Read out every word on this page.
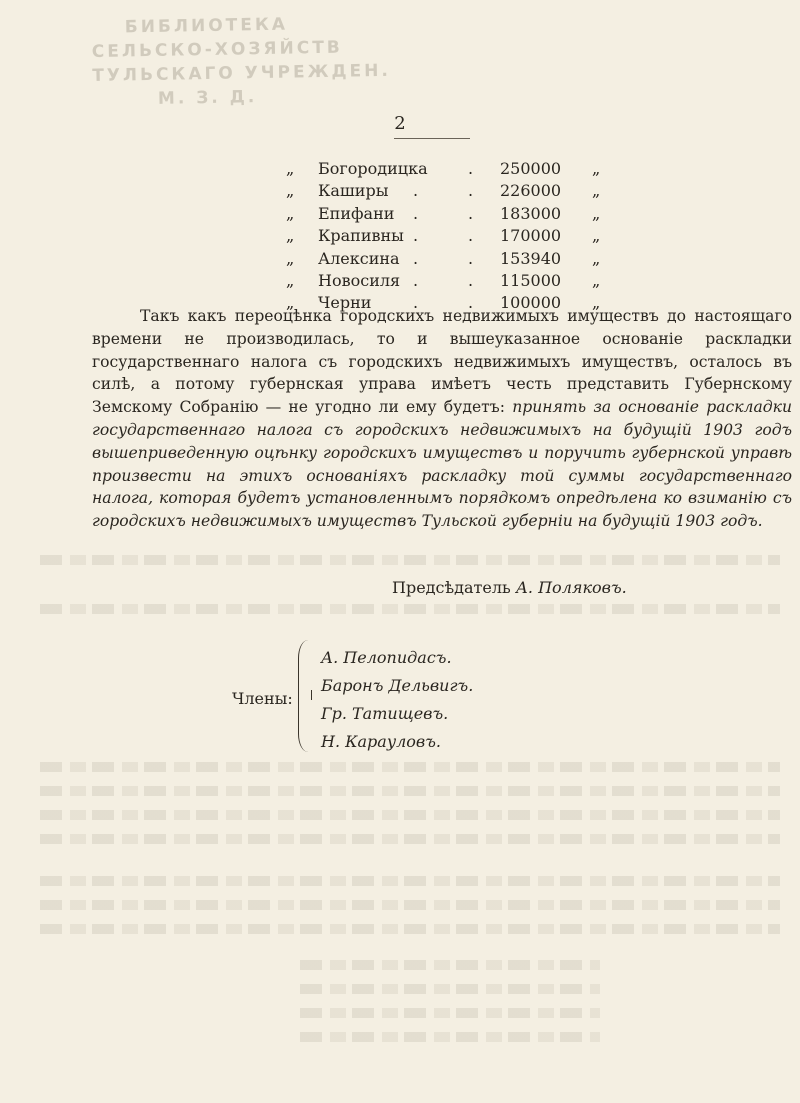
БИБЛИОТЕКА
СЕЛЬСКО-ХОЗЯЙСТВ
ТУЛЬСКАГО УЧРЕЖДЕН.
М. З. Д.
2
„ Богородицка	. 250000 „
„ Каширы .	. 226000 „
„ Епифани .	. 183000 „
„ Крапивны .	. 170000 „
„ Алексина .	. 153940 „
„ Новосиля .	. 115000 „
„ Черни	.	. 100000 „
Такъ какъ переоцѣнка городскихъ недвижимыхъ имуществъ до настоящаго времени не производилась, то и вышеуказанное основаніе раскладки государственнаго налога съ городскихъ недвижимыхъ имуществъ, осталось въ силѣ, а потому губернская управа имѣетъ честь представить Губернскому Земскому Собранію — не угодно ли ему будетъ: принять за основаніе раскладки государственнаго налога съ городскихъ недвижимыхъ на будущій 1903 годъ вышеприведенную оцѣнку городскихъ имуществъ и поручить губернской управѣ произвести на этихъ основаніяхъ раскладку той суммы государственнаго налога, которая будетъ установленнымъ порядкомъ опредѣлена ко взиманію съ городскихъ недвижимыхъ имуществъ Тульской губерніи на будущій 1903 годъ.
Предсѣдатель А. Поляковъ.
Члены:
А. Пелопидасъ.
Баронъ Дельвигъ.
Гр. Татищевъ.
Н. Карауловъ.
